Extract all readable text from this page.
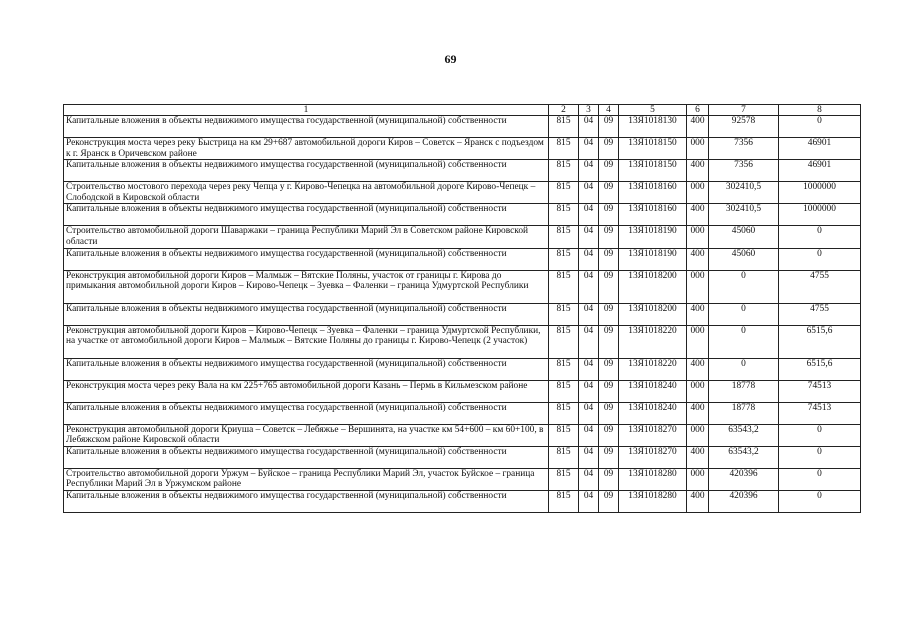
69
1	2	3	4	5	6	7	8
Капитальные вложения в объекты недвижимого имущества государственной (муниципальной) собственности	815	04	09	13Я1018130	400	92578	0
Реконструкция моста через реку Быстрица на км 29+687 автомобильной дороги Киров – Советск – Яранск с подъездом к г. Яранск в Оричевском районе	815	04	09	13Я1018150	000	7356	46901
Капитальные вложения в объекты недвижимого имущества государственной (муниципальной) собственности	815	04	09	13Я1018150	400	7356	46901
Строительство мостового перехода через реку Чепца у г. Кирово-Чепецка на автомобильной дороге Кирово-Чепецк – Слободской в Кировской области	815	04	09	13Я1018160	000	302410,5	1000000
Капитальные вложения в объекты недвижимого имущества государственной (муниципальной) собственности	815	04	09	13Я1018160	400	302410,5	1000000
Строительство автомобильной дороги Шаваржаки – граница Республики Марий Эл в Советском районе Кировской области	815	04	09	13Я1018190	000	45060	0
Капитальные вложения в объекты недвижимого имущества государственной (муниципальной) собственности	815	04	09	13Я1018190	400	45060	0
Реконструкция автомобильной дороги Киров – Малмыж – Вятские Поляны, участок от границы г. Кирова до примыкания автомобильной дороги Киров – Кирово-Чепецк – Зуевка – Фаленки – граница Удмуртской Республики	815	04	09	13Я1018200	000	0	4755
Капитальные вложения в объекты недвижимого имущества государственной (муниципальной) собственности	815	04	09	13Я1018200	400	0	4755
Реконструкция автомобильной дороги Киров – Кирово-Чепецк – Зуевка – Фаленки – граница Удмуртской Республики, на участке от автомобильной дороги Киров – Малмыж – Вятские Поляны до границы г. Кирово-Чепецк (2 участок)	815	04	09	13Я1018220	000	0	6515,6
Капитальные вложения в объекты недвижимого имущества государственной (муниципальной) собственности	815	04	09	13Я1018220	400	0	6515,6
Реконструкция моста через реку Вала на км 225+765 автомобильной дороги Казань – Пермь в Кильмезском районе	815	04	09	13Я1018240	000	18778	74513
Капитальные вложения в объекты недвижимого имущества государственной (муниципальной) собственности	815	04	09	13Я1018240	400	18778	74513
Реконструкция автомобильной дороги Криуша – Советск – Лебяжье – Вершинята, на участке км 54+600 – км 60+100, в Лебяжском районе Кировской области	815	04	09	13Я1018270	000	63543,2	0
Капитальные вложения в объекты недвижимого имущества государственной (муниципальной) собственности	815	04	09	13Я1018270	400	63543,2	0
Строительство автомобильной дороги Уржум – Буйское – граница Республики Марий Эл, участок Буйское – граница Республики Марий Эл в Уржумском районе	815	04	09	13Я1018280	000	420396	0
Капитальные вложения в объекты недвижимого имущества государственной (муниципальной) собственности	815	04	09	13Я1018280	400	420396	0
